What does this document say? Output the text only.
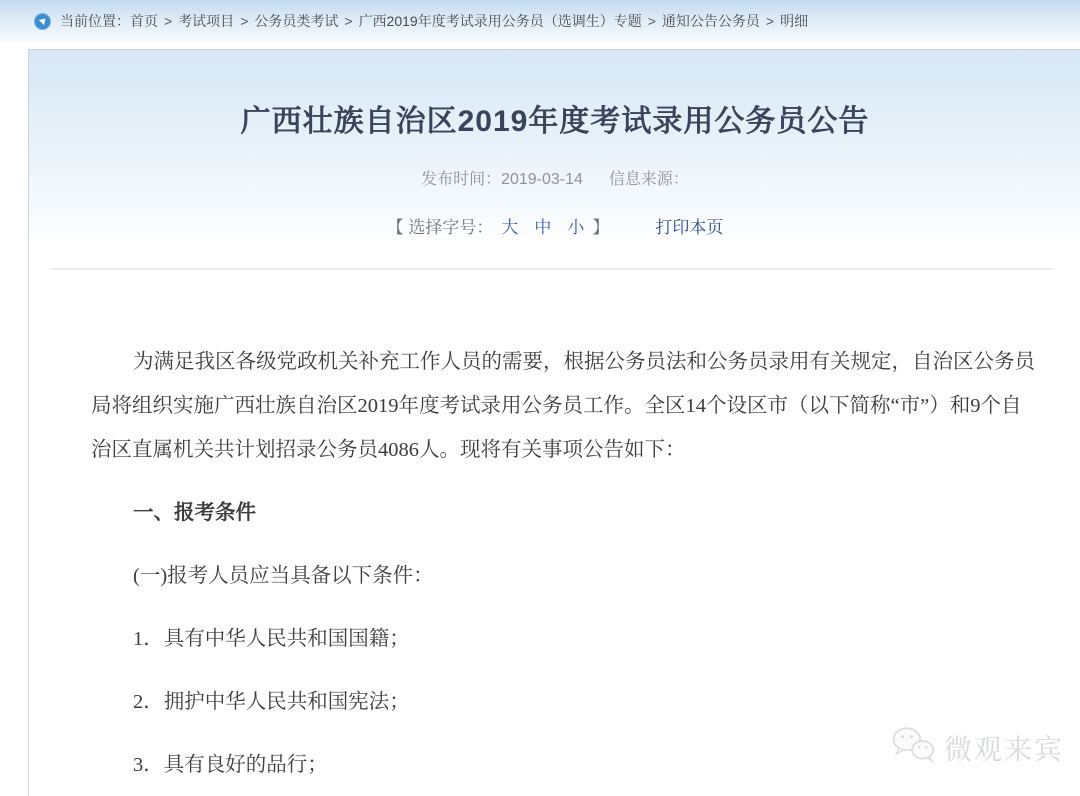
当前位置： 首页 > 考试项目 > 公务员类考试 > 广西2019年度考试录用公务员（选调生）专题 > 通知公告公务员 > 明细
广西壮族自治区2019年度考试录用公务员公告
发布时间：2019-03-14 信息来源：
【 选择字号： 大 中 小 】	打印本页

为满足我区各级党政机关补充工作人员的需要，根据公务员法和公务员录用有关规定，自治区公务员局将组织实施广西壮族自治区2019年度考试录用公务员工作。全区14个设区市（以下简称“市”）和9个自治区直属机关共计划招录公务员4086人。现将有关事项公告如下：

一、报考条件

(一)报考人员应当具备以下条件：

1．具有中华人民共和国国籍；

2．拥护中华人民共和国宪法；

3．具有良好的品行；	微观来宾
